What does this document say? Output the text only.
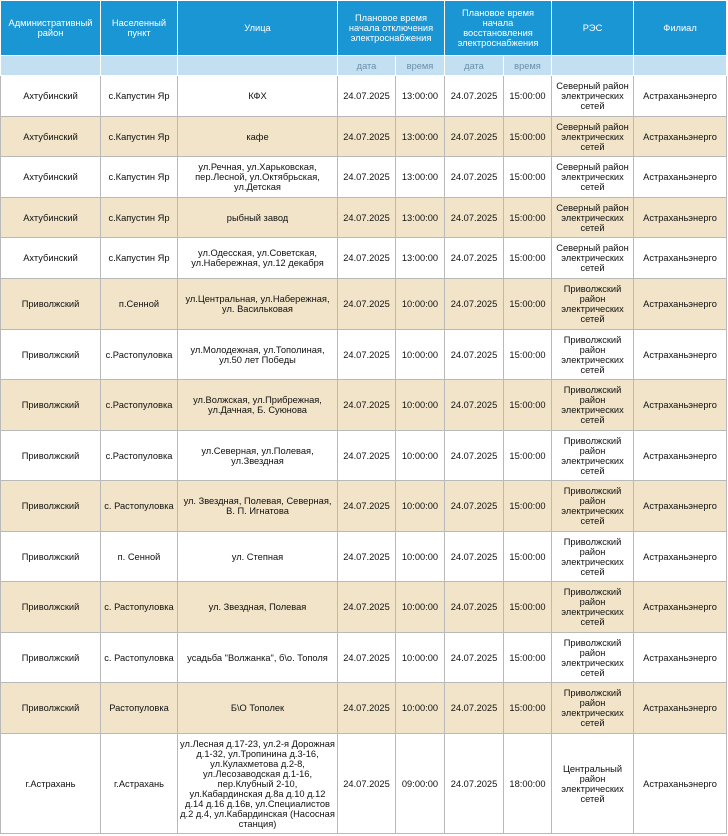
Административный район	Населенный пункт	Улица	Плановое время начала отключения электроснабжения		Плановое время начала восстановления электроснабжения		РЭС	Филиал
			дата	время	дата	время		
Ахтубинский	с.Капустин Яр	КФХ	24.07.2025	13:00:00	24.07.2025	15:00:00	Северный район электрических сетей	Астраханьэнерго
Ахтубинский	с.Капустин Яр	кафе	24.07.2025	13:00:00	24.07.2025	15:00:00	Северный район электрических сетей	Астраханьэнерго
Ахтубинский	с.Капустин Яр	ул.Речная, ул.Харьковская, пер.Лесной, ул.Октябрьская, ул.Детская	24.07.2025	13:00:00	24.07.2025	15:00:00	Северный район электрических сетей	Астраханьэнерго
Ахтубинский	с.Капустин Яр	рыбный завод	24.07.2025	13:00:00	24.07.2025	15:00:00	Северный район электрических сетей	Астраханьэнерго
Ахтубинский	с.Капустин Яр	ул.Одесская, ул.Советская, ул.Набережная, ул.12 декабря	24.07.2025	13:00:00	24.07.2025	15:00:00	Северный район электрических сетей	Астраханьэнерго
Приволжский	п.Сенной	ул.Центральная, ул.Набережная, ул. Васильковая	24.07.2025	10:00:00	24.07.2025	15:00:00	Приволжский район электрических сетей	Астраханьэнерго
Приволжский	с.Растопуловка	ул.Молодежная, ул.Тополиная, ул.50 лет Победы	24.07.2025	10:00:00	24.07.2025	15:00:00	Приволжский район электрических сетей	Астраханьэнерго
Приволжский	с.Растопуловка	ул.Волжская, ул.Прибрежная, ул.Дачная, Б. Суюнова	24.07.2025	10:00:00	24.07.2025	15:00:00	Приволжский район электрических сетей	Астраханьэнерго
Приволжский	с.Растопуловка	ул.Северная, ул.Полевая, ул.Звездная	24.07.2025	10:00:00	24.07.2025	15:00:00	Приволжский район электрических сетей	Астраханьэнерго
Приволжский	с. Растопуловка	ул. Звездная, Полевая, Северная, В. П. Игнатова	24.07.2025	10:00:00	24.07.2025	15:00:00	Приволжский район электрических сетей	Астраханьэнерго
Приволжский	п. Сенной	ул. Степная	24.07.2025	10:00:00	24.07.2025	15:00:00	Приволжский район электрических сетей	Астраханьэнерго
Приволжский	с. Растопуловка	ул. Звездная, Полевая	24.07.2025	10:00:00	24.07.2025	15:00:00	Приволжский район электрических сетей	Астраханьэнерго
Приволжский	с. Растопуловка	усадьба "Волжанка", б\о. Тополя	24.07.2025	10:00:00	24.07.2025	15:00:00	Приволжский район электрических сетей	Астраханьэнерго
Приволжский	Растопуловка	Б\О Тополек	24.07.2025	10:00:00	24.07.2025	15:00:00	Приволжский район электрических сетей	Астраханьэнерго
г.Астрахань	г.Астрахань	ул.Лесная д.17-23, ул.2-я Дорожная д.1-32, ул.Тропинина д.3-16, ул.Кулахметова д.2-8, ул.Лесозаводская д.1-16, пер.Клубный 2-10, ул.Кабардинская д.8а д.10 д.12 д.14 д.16 д.16в, ул.Специалистов д.2 д.4, ул.Кабардинская (Насосная станция)	24.07.2025	09:00:00	24.07.2025	18:00:00	Центральный район электрических сетей	Астраханьэнерго
